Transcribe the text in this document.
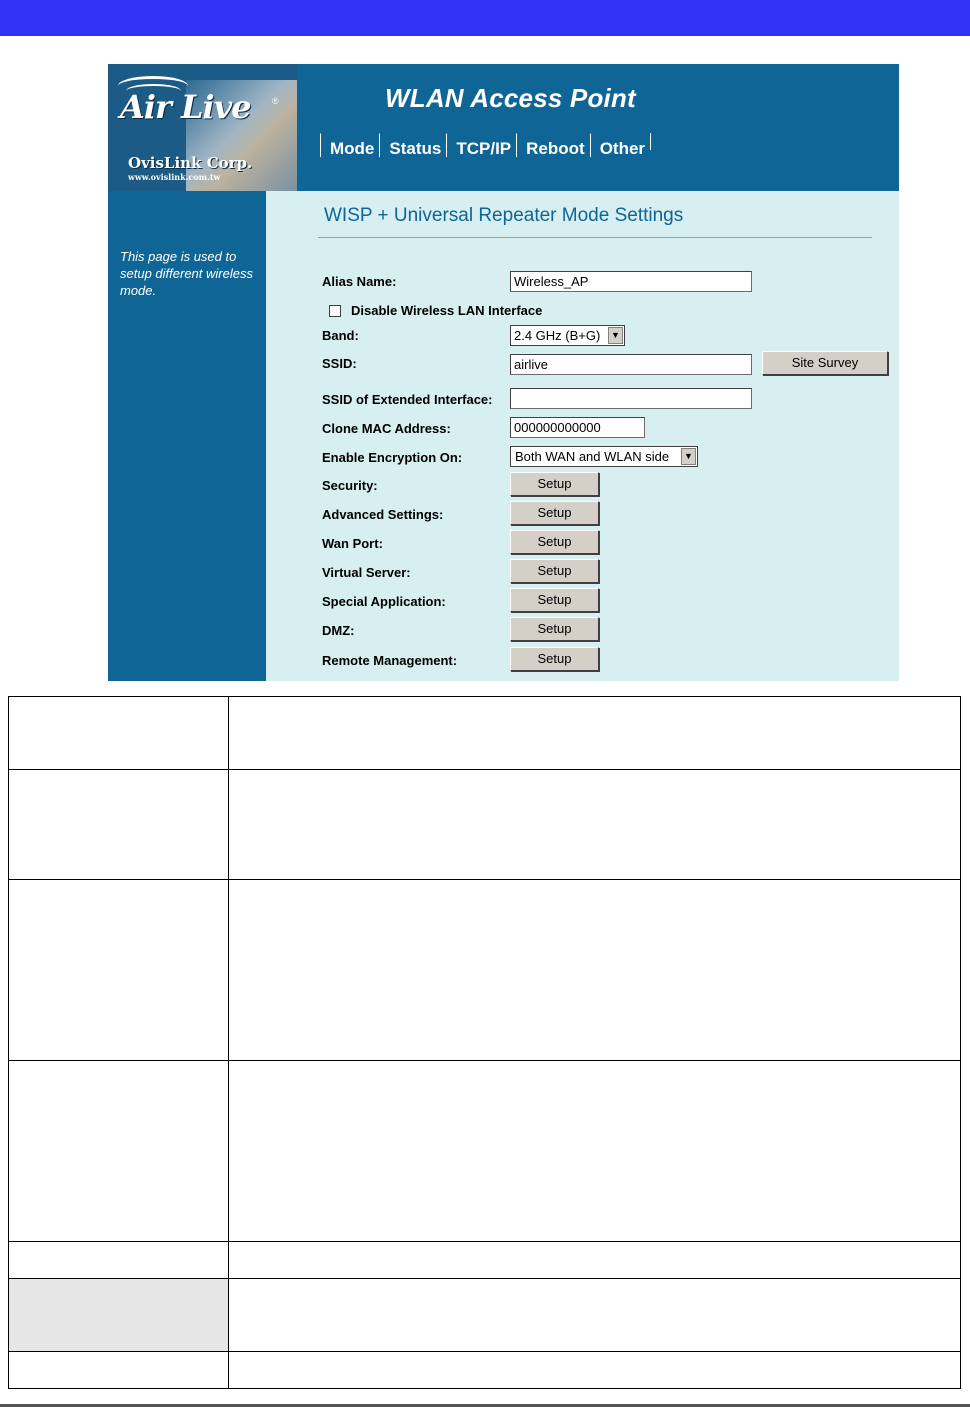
Air Live ®
OvisLink Corp.
www.ovislink.com.tw
WLAN Access Point
Mode Status TCP/IP Reboot Other
This page is used to setup different wireless mode.
WISP + Universal Repeater Mode Settings
Alias Name:	Wireless_AP
Disable Wireless LAN Interface
Band:	2.4 GHz (B+G)	▼
SSID:	airlive	Site Survey
SSID of Extended Interface:
Clone MAC Address:	000000000000
Enable Encryption On:	Both WAN and WLAN side	▼
Security:	Setup
Advanced Settings:	Setup
Wan Port:	Setup
Virtual Server:	Setup
Special Application:	Setup
DMZ:	Setup
Remote Management:	Setup
